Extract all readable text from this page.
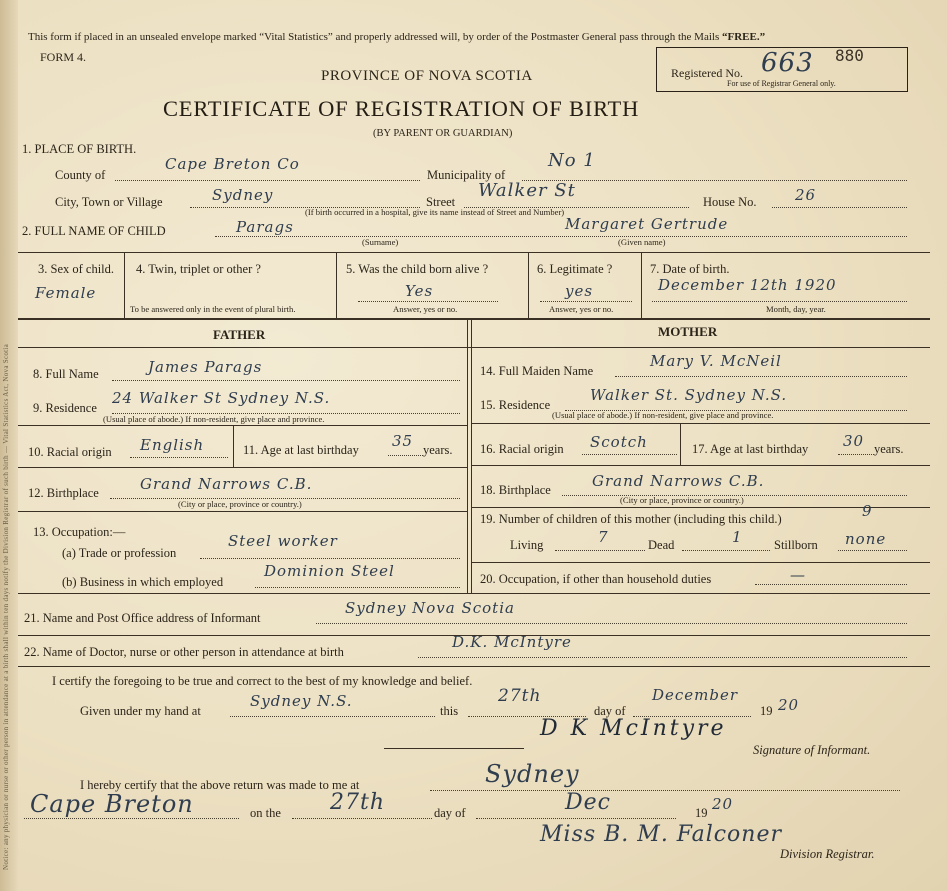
Notice: any physician or nurse or other person in attendance at a birth shall within ten days notify the Division Registrar of such birth — Vital Statistics Act, Nova Scotia
This form if placed in an unsealed envelope marked “Vital Statistics” and properly addressed will, by order of the Postmaster General pass through the Mails “FREE.”
FORM 4.
PROVINCE OF NOVA SCOTIA
CERTIFICATE OF REGISTRATION OF BIRTH
(BY PARENT OR GUARDIAN)
Registered No. 663 880
For use of Registrar General only.
1. PLACE OF BIRTH.
County of
Cape Breton Co
Municipality of
No 1
City, Town or Village	Sydney	Street
Walker St
House No.	26
(If birth occurred in a hospital, give its name instead of Street and Number)
2. FULL NAME OF CHILD	Parags	Margaret Gertrude
(Surname)	(Given name)
3. Sex of child.
Female
4. Twin, triplet or other ?
To be answered only in the event of plural birth.
5. Was the child born alive ?
Yes
Answer, yes or no.
6. Legitimate ?
yes
Answer, yes or no.
7. Date of birth.
December 12th 1920
Month, day, year.
FATHER	MOTHER
8. Full Name	James Parags
9. Residence
24 Walker St Sydney N.S.
(Usual place of abode.) If non-resident, give place and province.
10. Racial origin English	11. Age at last birthday 35 years.
12. Birthplace	Grand Narrows C.B.
(City or place, province or country.)
13. Occupation:—
(a) Trade or profession
Steel worker
(b) Business in which employed
Dominion Steel
14. Full Maiden Name
Mary V. McNeil
15. Residence
Walker St. Sydney N.S.
(Usual place of abode.) If non-resident, give place and province.
16. Racial origin Scotch	17. Age at last birthday 30 years.
18. Birthplace	Grand Narrows C.B.
(City or place, province or country.)
19. Number of children of this mother (including this child.)	9
Living	7	Dead	1	Stillborn none
20. Occupation, if other than household duties	—
21. Name and Post Office address of Informant
Sydney Nova Scotia
22. Name of Doctor, nurse or other person in attendance at birth
D.K. McIntyre
I certify the foregoing to be true and correct to the best of my knowledge and belief.
Given under my hand at
Sydney N.S.
this
27th
day of
December
19 20
D K McIntyre
Signature of Informant.
I hereby certify that the above return was made to me at	Sydney
Cape Breton	on the 27th	day of	Dec	19 20
Miss B. M. Falconer
Division Registrar.
